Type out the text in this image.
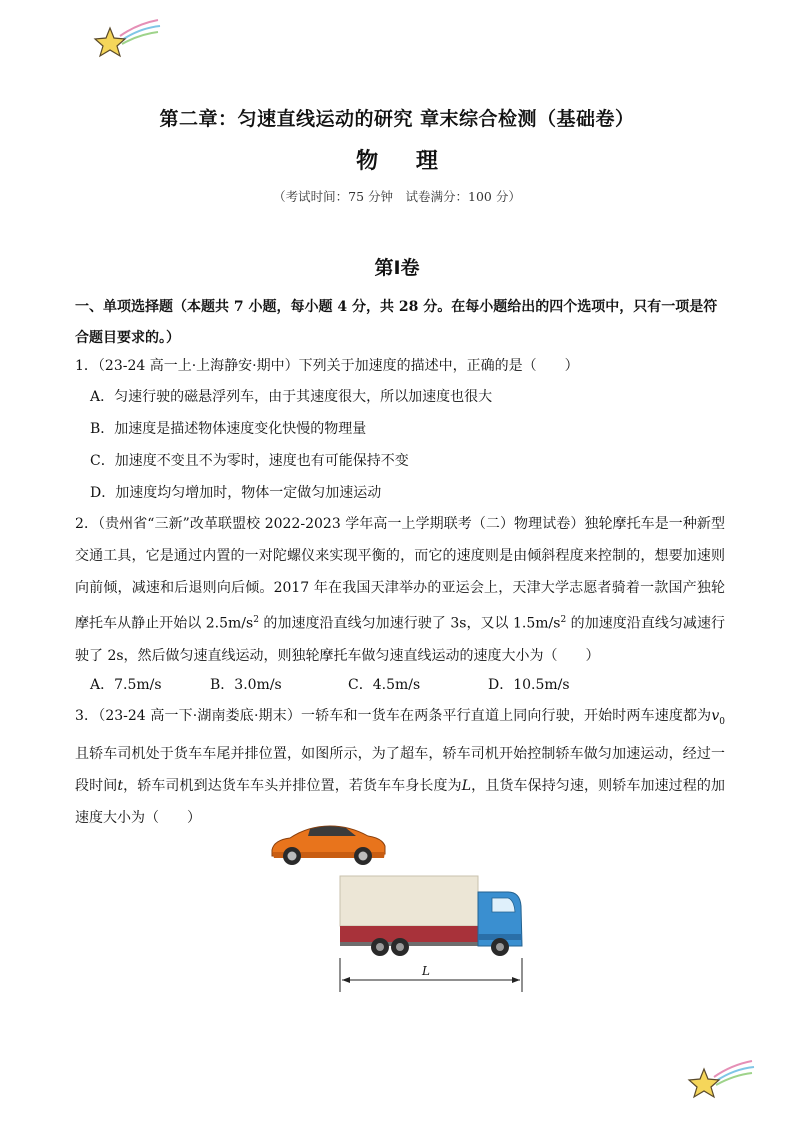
第二章：匀速直线运动的研究 章末综合检测（基础卷）
物 理
（考试时间：75 分钟　试卷满分：100 分）
第Ⅰ卷
一、单项选择题（本题共 7 小题，每小题 4 分，共 28 分。在每小题给出的四个选项中，只有一项是符合题目要求的。）
1．（23-24 高一上·上海静安·期中）下列关于加速度的描述中，正确的是（　　）
A．匀速行驶的磁悬浮列车，由于其速度很大，所以加速度也很大
B．加速度是描述物体速度变化快慢的物理量
C．加速度不变且不为零时，速度也有可能保持不变
D．加速度均匀增加时，物体一定做匀加速运动
2．（贵州省“三新”改革联盟校 2022-2023 学年高一上学期联考（二）物理试卷）独轮摩托车是一种新型交通工具，它是通过内置的一对陀螺仪来实现平衡的，而它的速度则是由倾斜程度来控制的，想要加速则向前倾，减速和后退则向后倾。2017 年在我国天津举办的亚运会上，天津大学志愿者骑着一款国产独轮摩托车从静止开始以 $2.5m/s^2$ 的加速度沿直线匀加速行驶了 3s，又以 $1.5m/s^2$ 的加速度沿直线匀减速行驶了 2s，然后做匀速直线运动，则独轮摩托车做匀速直线运动的速度大小为（　　）
A．7.5m/s	B．3.0m/s	C．4.5m/s	D．10.5m/s
3．（23-24 高一下·湖南娄底·期末）一轿车和一货车在两条平行直道上同向行驶，开始时两车速度都为$v_0$且轿车司机处于货车车尾并排位置，如图所示，为了超车，轿车司机开始控制轿车做匀加速运动，经过一段时间t，轿车司机到达货车车头并排位置，若货车车身长度为L，且货车保持匀速，则轿车加速过程的加速度大小为（　　）
L
